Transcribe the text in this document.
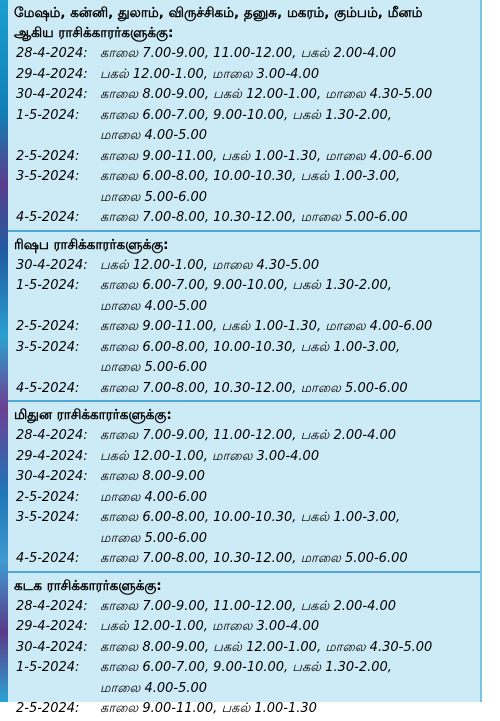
மேஷம், கன்னி, துலாம், விருச்சிகம், தனுசு, மகரம், கும்பம், மீனம்
ஆகிய ராசிக்காரர்களுக்கு:
28-4-2024: காலை 7.00-9.00, 11.00-12.00, பகல் 2.00-4.00
29-4-2024: பகல் 12.00-1.00, மாலை 3.00-4.00
30-4-2024: காலை 8.00-9.00, பகல் 12.00-1.00, மாலை 4.30-5.00
1-5-2024:	காலை 6.00-7.00, 9.00-10.00, பகல் 1.30-2.00,
மாலை 4.00-5.00
2-5-2024:	காலை 9.00-11.00, பகல் 1.00-1.30, மாலை 4.00-6.00
3-5-2024:	காலை 6.00-8.00, 10.00-10.30, பகல் 1.00-3.00,
மாலை 5.00-6.00
4-5-2024:	காலை 7.00-8.00, 10.30-12.00, மாலை 5.00-6.00
ரிஷப ராசிக்காரர்களுக்கு:
30-4-2024: பகல் 12.00-1.00, மாலை 4.30-5.00
1-5-2024:	காலை 6.00-7.00, 9.00-10.00, பகல் 1.30-2.00,
மாலை 4.00-5.00
2-5-2024:	காலை 9.00-11.00, பகல் 1.00-1.30, மாலை 4.00-6.00
3-5-2024:	காலை 6.00-8.00, 10.00-10.30, பகல் 1.00-3.00,
மாலை 5.00-6.00
4-5-2024:	காலை 7.00-8.00, 10.30-12.00, மாலை 5.00-6.00
மிதுன ராசிக்காரர்களுக்கு:
28-4-2024: காலை 7.00-9.00, 11.00-12.00, பகல் 2.00-4.00
29-4-2024: பகல் 12.00-1.00, மாலை 3.00-4.00
30-4-2024: காலை 8.00-9.00
2-5-2024:	மாலை 4.00-6.00
3-5-2024:	காலை 6.00-8.00, 10.00-10.30, பகல் 1.00-3.00,
மாலை 5.00-6.00
4-5-2024:	காலை 7.00-8.00, 10.30-12.00, மாலை 5.00-6.00
கடக ராசிக்காரர்களுக்கு:
28-4-2024: காலை 7.00-9.00, 11.00-12.00, பகல் 2.00-4.00
29-4-2024: பகல் 12.00-1.00, மாலை 3.00-4.00
30-4-2024: காலை 8.00-9.00, பகல் 12.00-1.00, மாலை 4.30-5.00
1-5-2024:	காலை 6.00-7.00, 9.00-10.00, பகல் 1.30-2.00,
மாலை 4.00-5.00
2-5-2024:	காலை 9.00-11.00, பகல் 1.00-1.30
